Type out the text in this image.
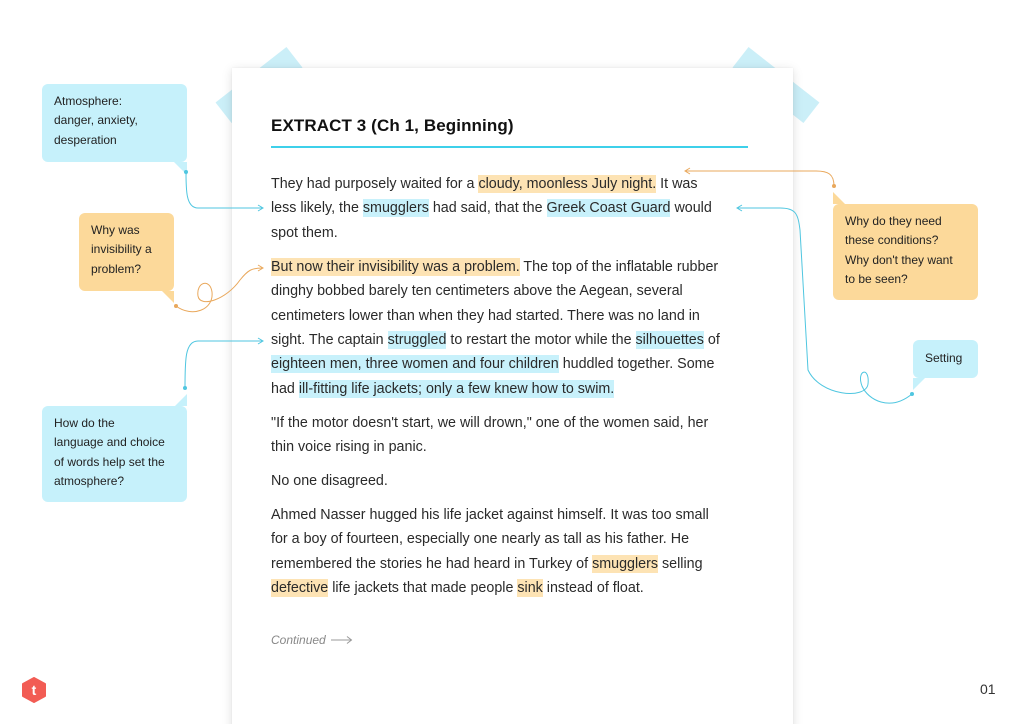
EXTRACT 3 (Ch 1, Beginning)

They had purposely waited for a cloudy, moonless July night. It was
less likely, the smugglers had said, that the Greek Coast Guard would
spot them.

But now their invisibility was a problem. The top of the inflatable rubber
dinghy bobbed barely ten centimeters above the Aegean, several
centimeters lower than when they had started. There was no land in
sight. The captain struggled to restart the motor while the silhouettes of
eighteen men, three women and four children huddled together. Some
had ill-fitting life jackets; only a few knew how to swim.

"If the motor doesn't start, we will drown," one of the women said, her
thin voice rising in panic.

No one disagreed.

Ahmed Nasser hugged his life jacket against himself. It was too small
for a boy of fourteen, especially one nearly as tall as his father. He
remembered the stories he had heard in Turkey of smugglers selling
defective life jackets that made people sink instead of float.

Continued
Atmosphere:
danger, anxiety,
desperation
Why was
invisibility a
problem?
How do the
language and choice
of words help set the
atmosphere?
Why do they need
these conditions?
Why don't they want
to be seen?
Setting
t	01
